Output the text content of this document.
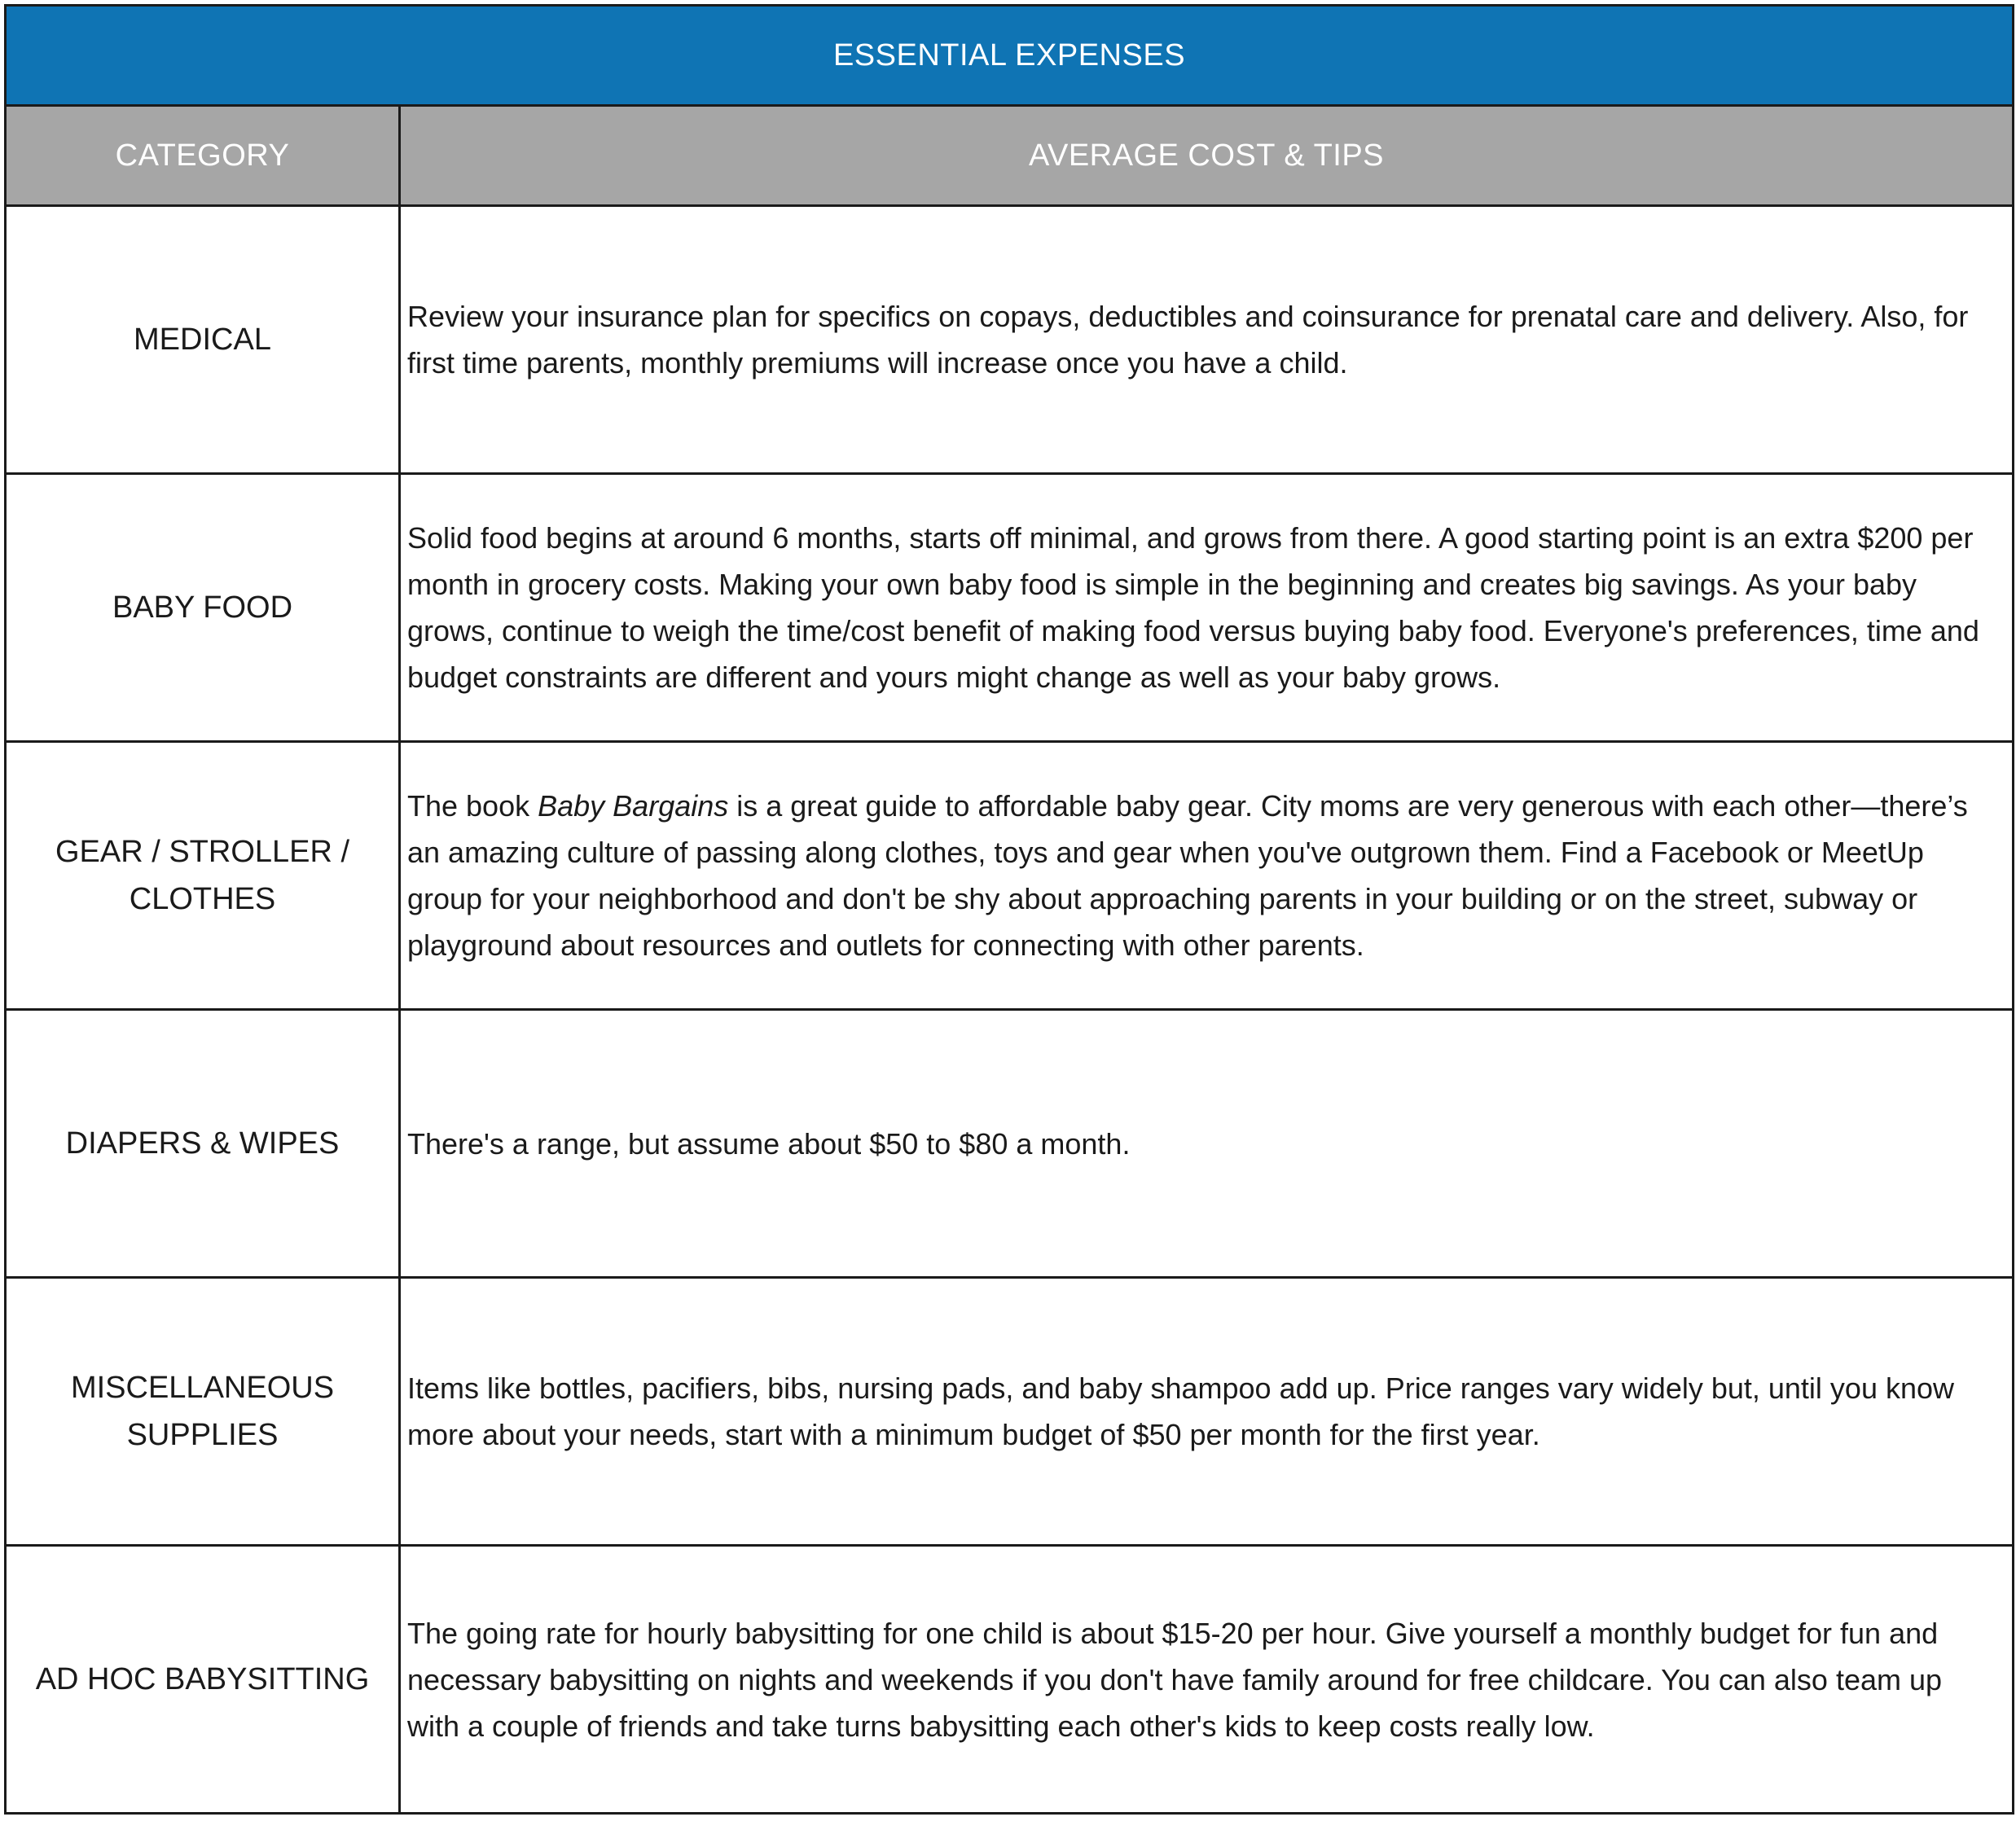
ESSENTIAL EXPENSES	
CATEGORY	AVERAGE COST & TIPS
MEDICAL	Review your insurance plan for specifics on copays, deductibles and coinsurance for prenatal care and delivery. Also, for first time parents, monthly premiums will increase once you have a child.
BABY FOOD	Solid food begins at around 6 months, starts off minimal, and grows from there. A good starting point is an extra $200 per month in grocery costs. Making your own baby food is simple in the beginning and creates big savings. As your baby grows, continue to weigh the time/cost benefit of making food versus buying baby food. Everyone's preferences, time and budget constraints are different and yours might change as well as your baby grows.
GEAR / STROLLER / CLOTHES	The book Baby Bargains is a great guide to affordable baby gear. City moms are very generous with each other—there’s an amazing culture of passing along clothes, toys and gear when you've outgrown them. Find a Facebook or MeetUp group for your neighborhood and don't be shy about approaching parents in your building or on the street, subway or playground about resources and outlets for connecting with other parents.
DIAPERS & WIPES	There's a range, but assume about $50 to $80 a month.
MISCELLANEOUS SUPPLIES	Items like bottles, pacifiers, bibs, nursing pads, and baby shampoo add up. Price ranges vary widely but, until you know more about your needs, start with a minimum budget of $50 per month for the first year.
AD HOC BABYSITTING	The going rate for hourly babysitting for one child is about $15-20 per hour. Give yourself a monthly budget for fun and necessary babysitting on nights and weekends if you don't have family around for free childcare. You can also team up with a couple of friends and take turns babysitting each other's kids to keep costs really low.
